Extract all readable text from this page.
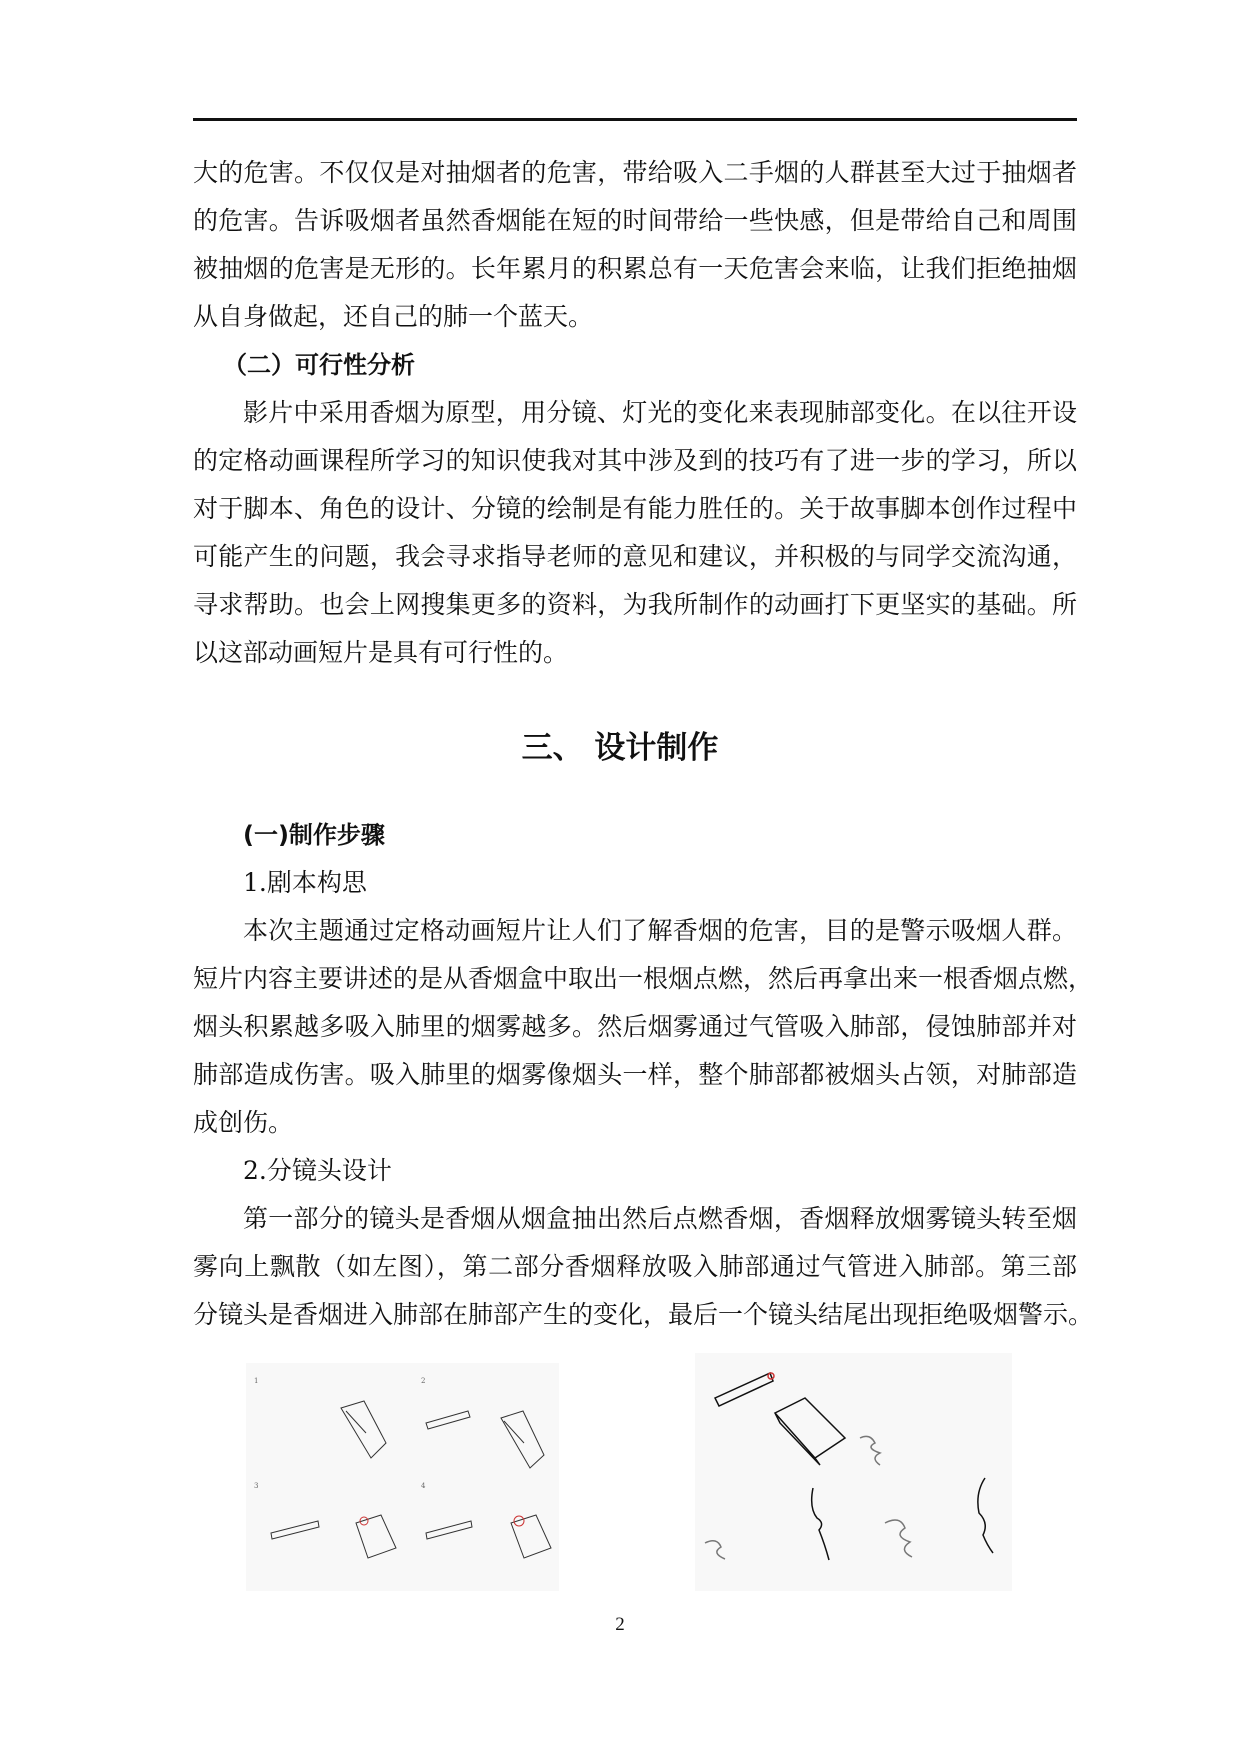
大的危害。不仅仅是对抽烟者的危害，带给吸入二手烟的人群甚至大过于抽烟者
的危害。告诉吸烟者虽然香烟能在短的时间带给一些快感，但是带给自己和周围
被抽烟的危害是无形的。长年累月的积累总有一天危害会来临，让我们拒绝抽烟
从自身做起，还自己的肺一个蓝天。
（二）可行性分析
影片中采用香烟为原型，用分镜、灯光的变化来表现肺部变化。在以往开设
的定格动画课程所学习的知识使我对其中涉及到的技巧有了进一步的学习，所以
对于脚本、角色的设计、分镜的绘制是有能力胜任的。关于故事脚本创作过程中
可能产生的问题，我会寻求指导老师的意见和建议，并积极的与同学交流沟通，
寻求帮助。也会上网搜集更多的资料，为我所制作的动画打下更坚实的基础。所
以这部动画短片是具有可行性的。
三、 设计制作
(一)制作步骤
1.剧本构思
本次主题通过定格动画短片让人们了解香烟的危害，目的是警示吸烟人群。
短片内容主要讲述的是从香烟盒中取出一根烟点燃，然后再拿出来一根香烟点燃，
烟头积累越多吸入肺里的烟雾越多。然后烟雾通过气管吸入肺部，侵蚀肺部并对
肺部造成伤害。吸入肺里的烟雾像烟头一样，整个肺部都被烟头占领，对肺部造
成创伤。
2.分镜头设计
第一部分的镜头是香烟从烟盒抽出然后点燃香烟，香烟释放烟雾镜头转至烟
雾向上飘散（如左图），第二部分香烟释放吸入肺部通过气管进入肺部。第三部
分镜头是香烟进入肺部在肺部产生的变化，最后一个镜头结尾出现拒绝吸烟警示。
1	2
3	4
2
